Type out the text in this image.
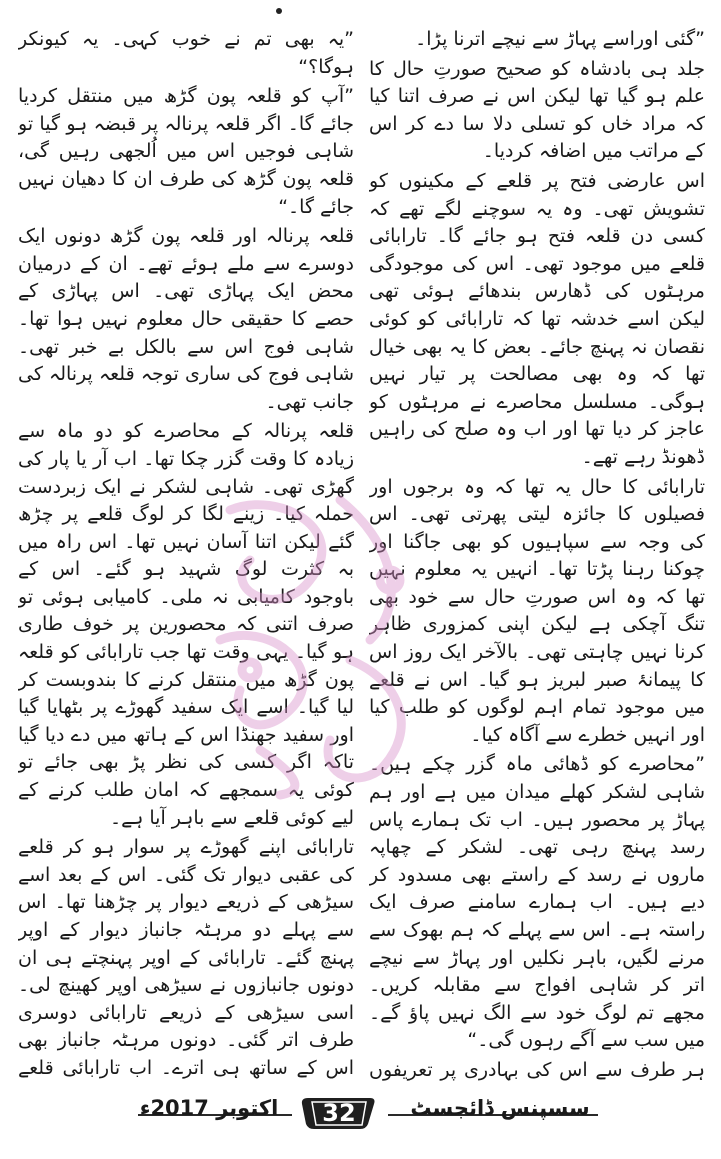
”گئی اوراسے پہاڑ سے نیچے اترنا پڑا۔

جلد ہی بادشاہ کو صحیح صورتِ حال کا علم ہو گیا تھا لیکن اس نے صرف اتنا کیا کہ مراد خاں کو تسلی دلا سا دے کر اس کے مراتب میں اضافہ کردیا۔

اس عارضی فتح پر قلعے کے مکینوں کو تشویش تھی۔ وہ یہ سوچنے لگے تھے کہ کسی دن قلعہ فتح ہو جائے گا۔ تارابائی قلعے میں موجود تھی۔ اس کی موجودگی مرہٹوں کی ڈھارس بندھائے ہوئی تھی لیکن اسے خدشہ تھا کہ تارابائی کو کوئی نقصان نہ پہنچ جائے۔ بعض کا یہ بھی خیال تھا کہ وہ بھی مصالحت پر تیار نہیں ہوگی۔ مسلسل محاصرے نے مرہٹوں کو عاجز کر دیا تھا اور اب وہ صلح کی راہیں ڈھونڈ رہے تھے۔

تارابائی کا حال یہ تھا کہ وہ برجوں اور فصیلوں کا جائزہ لیتی پھرتی تھی۔ اس کی وجہ سے سپاہیوں کو بھی جاگنا اور چوکنا رہنا پڑتا تھا۔ انہیں یہ معلوم نہیں تھا کہ وہ اس صورتِ حال سے خود بھی تنگ آچکی ہے لیکن اپنی کمزوری ظاہر کرنا نہیں چاہتی تھی۔ بالآخر ایک روز اس کا پیمانۂ صبر لبریز ہو گیا۔ اس نے قلعے میں موجود تمام اہم لوگوں کو طلب کیا اور انہیں خطرے سے آگاہ کیا۔

”محاصرے کو ڈھائی ماہ گزر چکے ہیں۔ شاہی لشکر کھلے میدان میں ہے اور ہم پہاڑ پر محصور ہیں۔ اب تک ہمارے پاس رسد پہنچ رہی تھی۔ لشکر کے چھاپہ ماروں نے رسد کے راستے بھی مسدود کر دیے ہیں۔ اب ہمارے سامنے صرف ایک راستہ ہے۔ اس سے پہلے کہ ہم بھوک سے مرنے لگیں، باہر نکلیں اور پہاڑ سے نیچے اتر کر شاہی افواج سے مقابلہ کریں۔ مجھے تم لوگ خود سے الگ نہیں پاؤ گے۔ میں سب سے آگے رہوں گی۔“

ہر طرف سے اس کی بہادری پر تعریفوں

”یہ بھی تم نے خوب کہی۔ یہ کیونکر ہوگا؟“

”آپ کو قلعہ پون گڑھ میں منتقل کردیا جائے گا۔ اگر قلعہ پرنالہ پر قبضہ ہو گیا تو شاہی فوجیں اس میں اُلجھی رہیں گی، قلعہ پون گڑھ کی طرف ان کا دھیان نہیں جائے گا۔“

قلعہ پرنالہ اور قلعہ پون گڑھ دونوں ایک دوسرے سے ملے ہوئے تھے۔ ان کے درمیان محض ایک پہاڑی تھی۔ اس پہاڑی کے حصے کا حقیقی حال معلوم نہیں ہوا تھا۔ شاہی فوج اس سے بالکل بے خبر تھی۔ شاہی فوج کی ساری توجہ قلعہ پرنالہ کی جانب تھی۔

قلعہ پرنالہ کے محاصرے کو دو ماہ سے زیادہ کا وقت گزر چکا تھا۔ اب آر یا پار کی گھڑی تھی۔ شاہی لشکر نے ایک زبردست حملہ کیا۔ زینے لگا کر لوگ قلعے پر چڑھ گئے لیکن اتنا آسان نہیں تھا۔ اس راہ میں بہ کثرت لوگ شہید ہو گئے۔ اس کے باوجود کامیابی نہ ملی۔ کامیابی ہوئی تو صرف اتنی کہ محصورین پر خوف طاری ہو گیا۔ یہی وقت تھا جب تارابائی کو قلعہ پون گڑھ میں منتقل کرنے کا بندوبست کر لیا گیا۔ اسے ایک سفید گھوڑے پر بٹھایا گیا اور سفید جھنڈا اس کے ہاتھ میں دے دیا گیا تاکہ اگر کسی کی نظر پڑ بھی جائے تو کوئی یہ سمجھے کہ امان طلب کرنے کے لیے کوئی قلعے سے باہر آیا ہے۔

تارابائی اپنے گھوڑے پر سوار ہو کر قلعے کی عقبی دیوار تک گئی۔ اس کے بعد اسے سیڑھی کے ذریعے دیوار پر چڑھنا تھا۔ اس سے پہلے دو مرہٹہ جانباز دیوار کے اوپر پہنچ گئے۔ تارابائی کے اوپر پہنچتے ہی ان دونوں جانبازوں نے سیڑھی اوپر کھینچ لی۔ اسی سیڑھی کے ذریعے تارابائی دوسری طرف اتر گئی۔ دونوں مرہٹہ جانباز بھی اس کے ساتھ ہی اترے۔ اب تارابائی قلعے

اکتوبر 2017ء	32	سسپنس ڈائجسٹ
